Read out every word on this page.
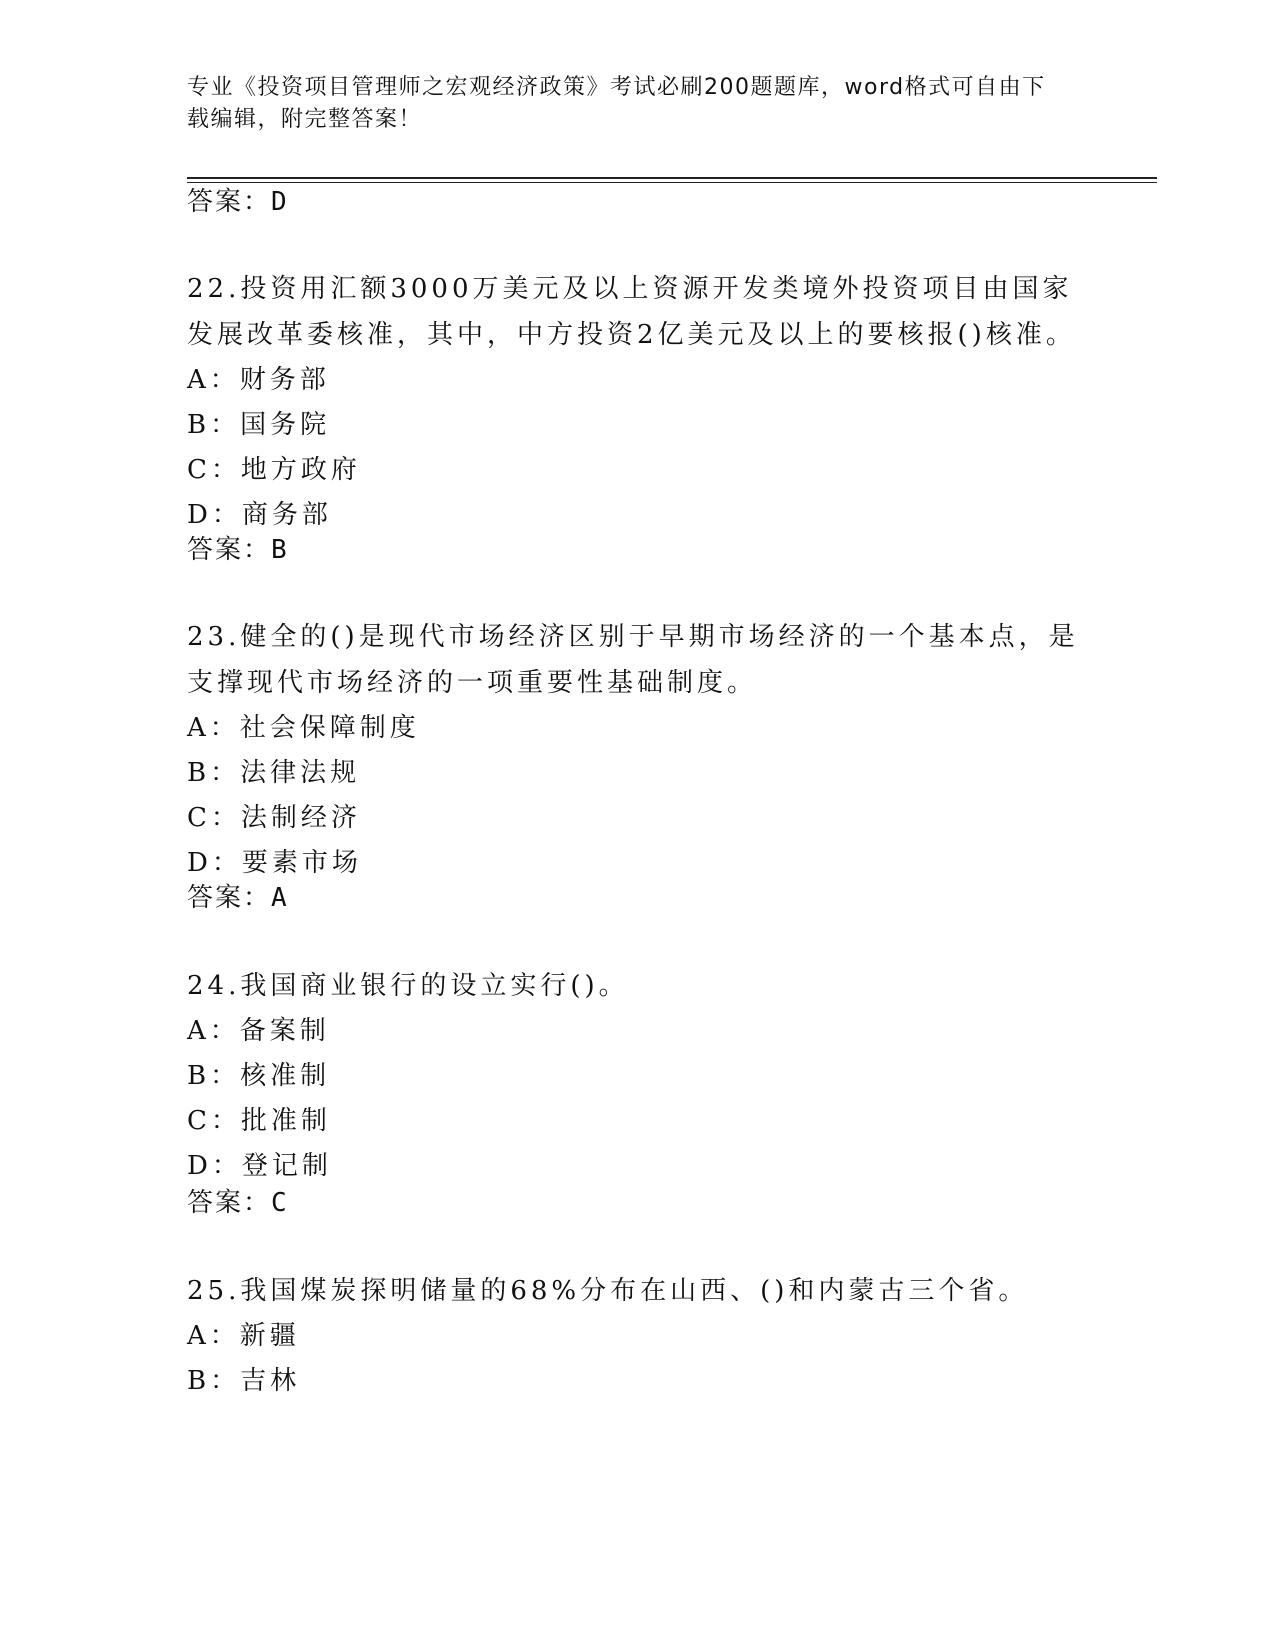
专业《投资项目管理师之宏观经济政策》考试必刷200题题库，word格式可自由下载编辑，附完整答案！
答案：D

22.投资用汇额3000万美元及以上资源开发类境外投资项目由国家发展改革委核准，其中，中方投资2亿美元及以上的要核报()核准。

A：财务部

B：国务院

C：地方政府

D：商务部

答案：B

23.健全的()是现代市场经济区别于早期市场经济的一个基本点，是支撑现代市场经济的一项重要性基础制度。

A：社会保障制度

B：法律法规

C：法制经济

D：要素市场

答案：A

24.我国商业银行的设立实行()。

A：备案制

B：核准制

C：批准制

D：登记制

答案：C

25.我国煤炭探明储量的68%分布在山西、()和内蒙古三个省。

A：新疆

B：吉林
